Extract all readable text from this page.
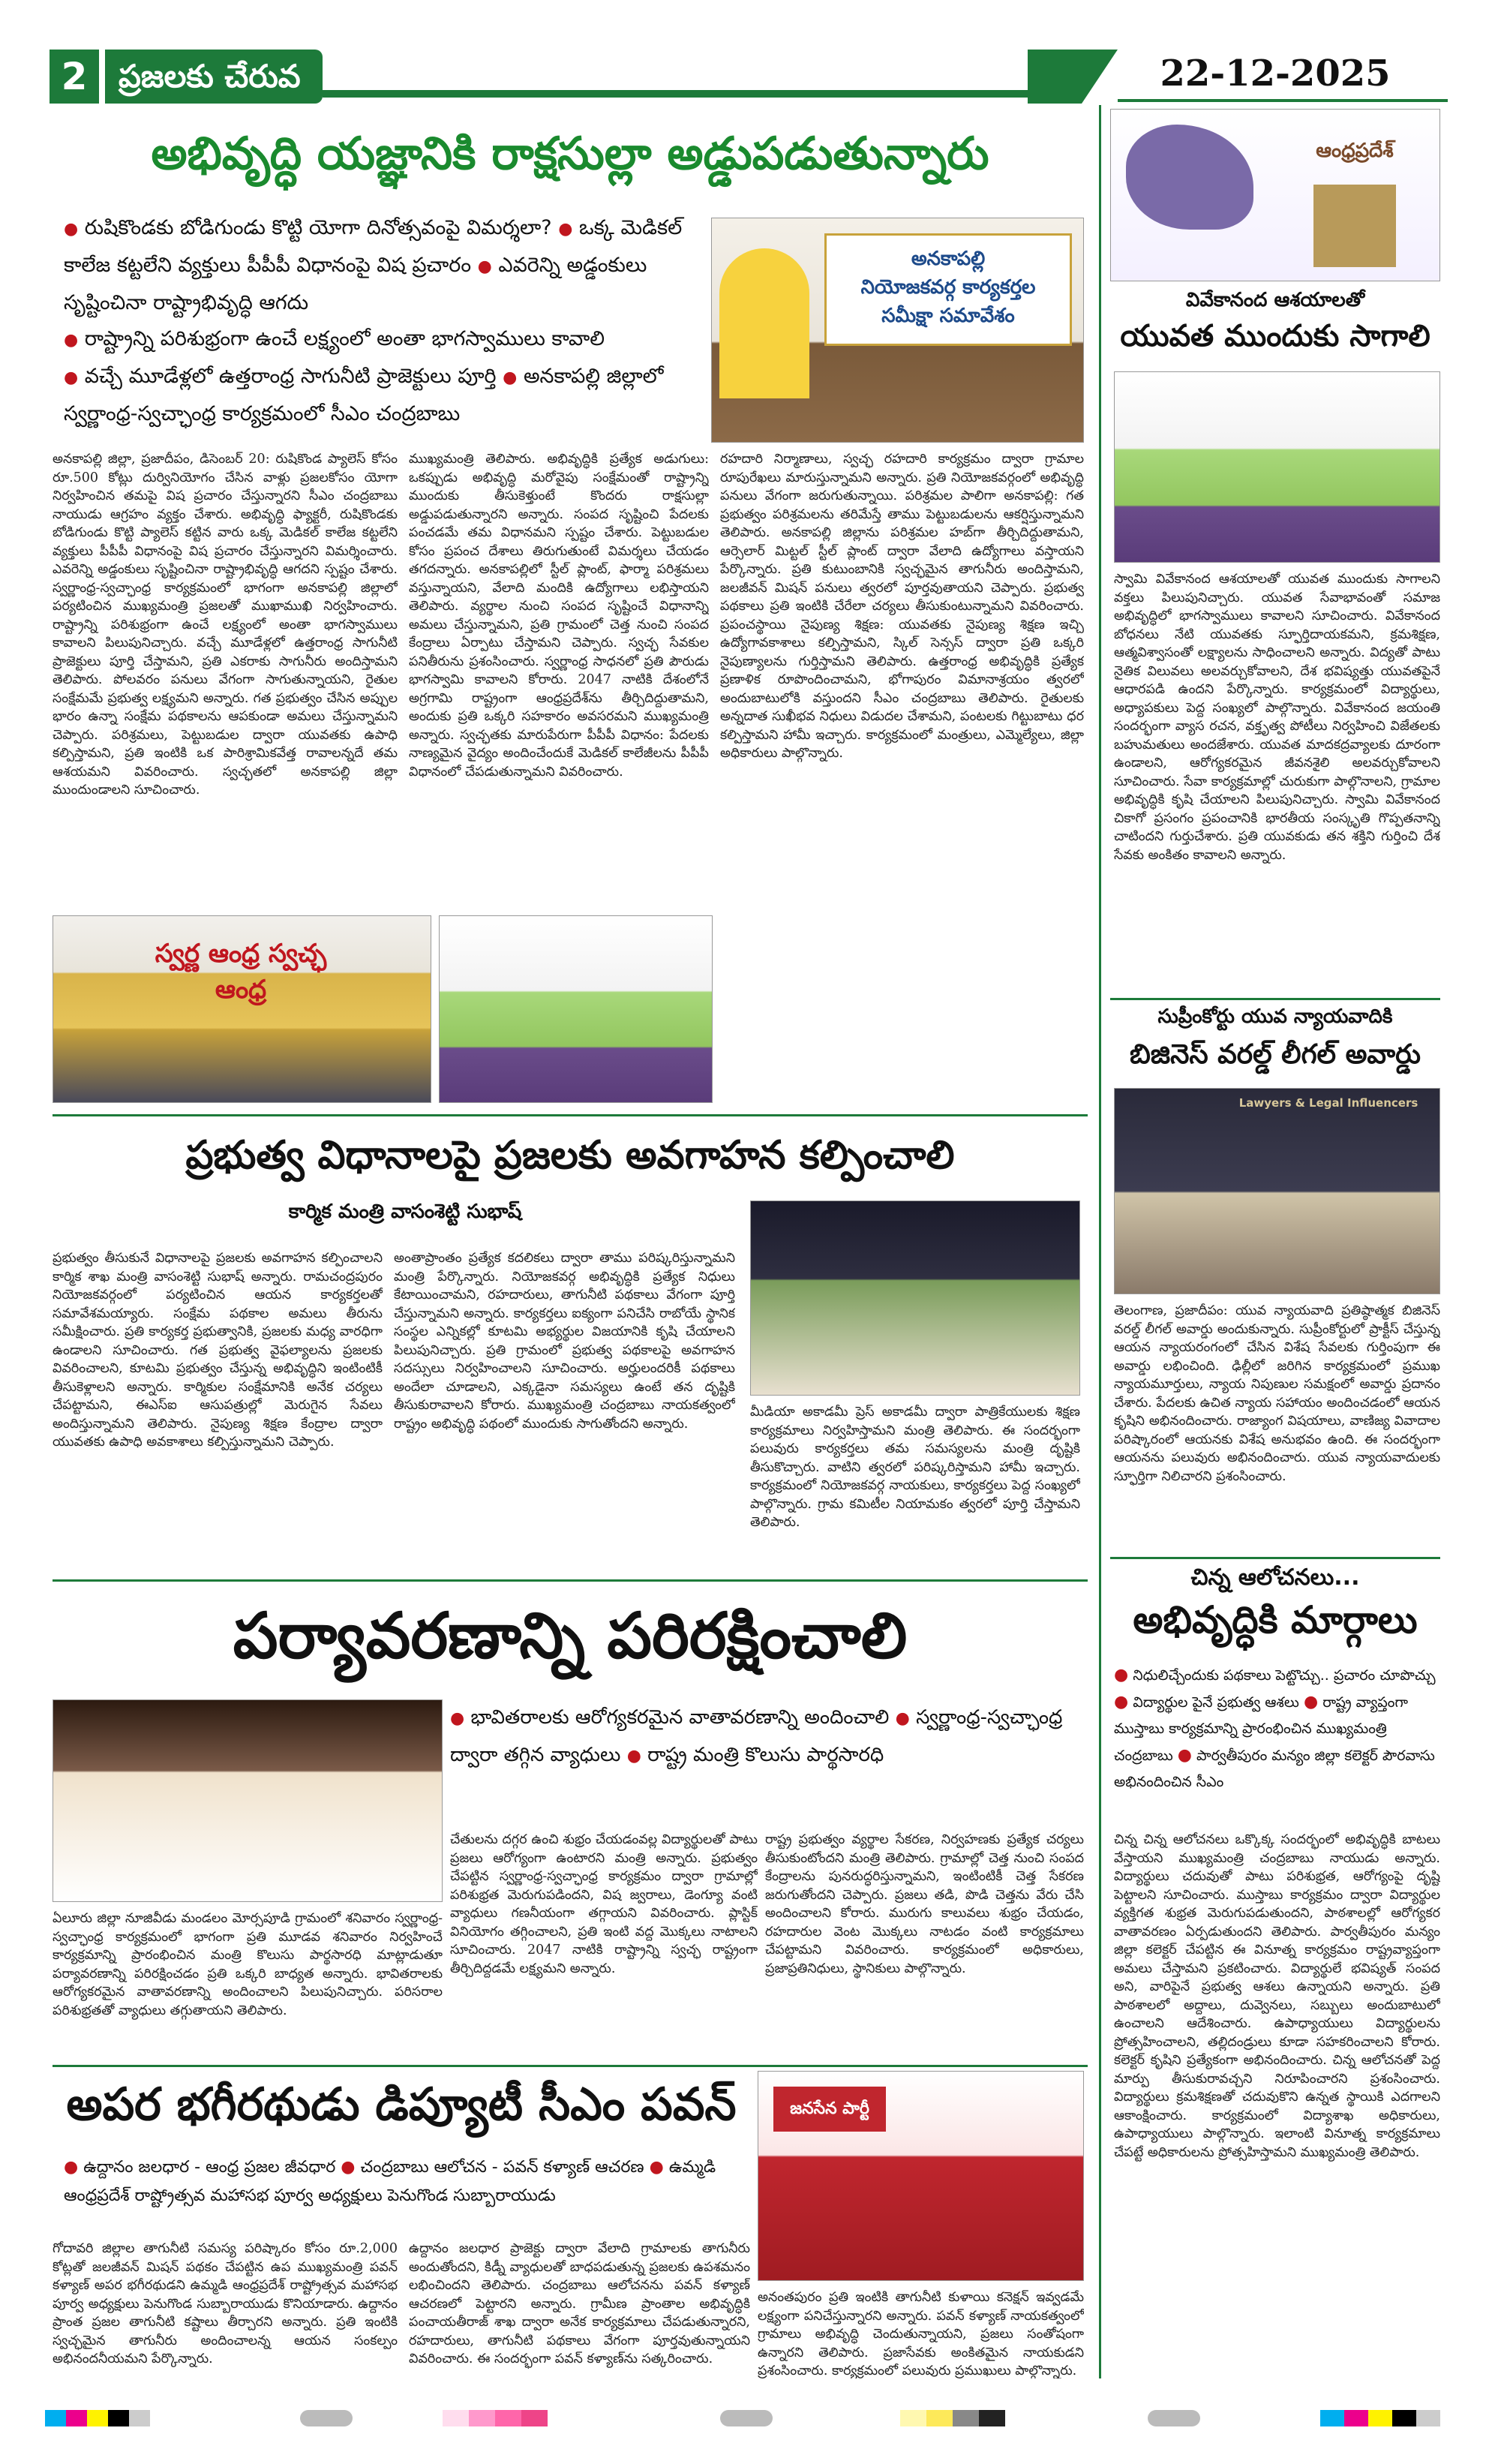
2 ప్రజలకు చేరువ	22-12-2025
అభివృద్ధి యజ్ఞానికి రాక్షసుల్లా అడ్డుపడుతున్నారు
● రుషికొండకు బోడిగుండు కొట్టి యోగా దినోత్సవంపై విమర్శలా? ● ఒక్క మెడికల్ కాలేజ కట్టలేని వ్యక్తులు పీపీపీ విధానంపై విష ప్రచారం ● ఎవరెన్ని అడ్డంకులు సృష్టించినా రాష్ట్రాభివృద్ధి ఆగదు
● రాష్ట్రాన్ని పరిశుభ్రంగా ఉంచే లక్ష్యంలో అంతా భాగస్వాములు కావాలి
● వచ్చే మూడేళ్లలో ఉత్తరాంధ్ర సాగునీటి ప్రాజెక్టులు పూర్తి ● అనకాపల్లి జిల్లాలో స్వర్ణాంధ్ర-స్వచ్ఛాంధ్ర కార్యక్రమంలో సీఎం చంద్రబాబు
అనకాపల్లి
నియోజకవర్గ కార్యకర్తల
సమీక్షా సమావేశం
అనకాపల్లి జిల్లా, ప్రజాదీపం, డిసెంబర్ 20: రుషికొండ ప్యాలెస్ కోసం రూ.500 కోట్లు దుర్వినియోగం చేసిన వాళ్లు ప్రజలకోసం యోగా నిర్వహించిన తమపై విష ప్రచారం చేస్తున్నారని సీఎం చంద్రబాబు నాయుడు ఆగ్రహం వ్యక్తం చేశారు. అభివృద్ధి ఫ్యాక్టరీ, రుషికొండకు బోడిగుండు కొట్టి ప్యాలెస్ కట్టిన వారు ఒక్క మెడికల్ కాలేజ కట్టలేని వ్యక్తులు పీపీపీ విధానంపై విష ప్రచారం చేస్తున్నారని విమర్శించారు. ఎవరెన్ని అడ్డంకులు సృష్టించినా రాష్ట్రాభివృద్ధి ఆగదని స్పష్టం చేశారు. స్వర్ణాంధ్ర-స్వచ్ఛాంధ్ర కార్యక్రమంలో భాగంగా అనకాపల్లి జిల్లాలో పర్యటించిన ముఖ్యమంత్రి ప్రజలతో ముఖాముఖి నిర్వహించారు. రాష్ట్రాన్ని పరిశుభ్రంగా ఉంచే లక్ష్యంలో అంతా భాగస్వాములు కావాలని పిలుపునిచ్చారు. వచ్చే మూడేళ్లలో ఉత్తరాంధ్ర సాగునీటి ప్రాజెక్టులు పూర్తి చేస్తామని, ప్రతి ఎకరాకు సాగునీరు అందిస్తామని తెలిపారు. పోలవరం పనులు వేగంగా సాగుతున్నాయని, రైతుల సంక్షేమమే ప్రభుత్వ లక్ష్యమని అన్నారు. గత ప్రభుత్వం చేసిన అప్పుల భారం ఉన్నా సంక్షేమ పథకాలను ఆపకుండా అమలు చేస్తున్నామని చెప్పారు. పరిశ్రమలు, పెట్టుబడుల ద్వారా యువతకు ఉపాధి కల్పిస్తామని, ప్రతి ఇంటికి ఒక పారిశ్రామికవేత్త రావాలన్నదే తమ ఆశయమని వివరించారు. స్వచ్ఛతలో అనకాపల్లి జిల్లా ముందుండాలని సూచించారు.
ముఖ్యమంత్రి తెలిపారు. అభివృద్ధికి ప్రత్యేక అడుగులు: ఒకప్పుడు అభివృద్ధి మరోవైపు సంక్షేమంతో రాష్ట్రాన్ని ముందుకు తీసుకెళ్తుంటే కొందరు రాక్షసుల్లా అడ్డుపడుతున్నారని అన్నారు. సంపద సృష్టించి పేదలకు పంచడమే తమ విధానమని స్పష్టం చేశారు. పెట్టుబడుల కోసం ప్రపంచ దేశాలు తిరుగుతుంటే విమర్శలు చేయడం తగదన్నారు. అనకాపల్లిలో స్టీల్ ప్లాంట్, ఫార్మా పరిశ్రమలు వస్తున్నాయని, వేలాది మందికి ఉద్యోగాలు లభిస్తాయని తెలిపారు. వ్యర్థాల నుంచి సంపద సృష్టించే విధానాన్ని అమలు చేస్తున్నామని, ప్రతి గ్రామంలో చెత్త నుంచి సంపద కేంద్రాలు ఏర్పాటు చేస్తామని చెప్పారు. స్వచ్ఛ సేవకుల పనితీరును ప్రశంసించారు. స్వర్ణాంధ్ర సాధనలో ప్రతి పౌరుడు భాగస్వామి కావాలని కోరారు. 2047 నాటికి దేశంలోనే అగ్రగామి రాష్ట్రంగా ఆంధ్రప్రదేశ్‌ను తీర్చిదిద్దుతామని, అందుకు ప్రతి ఒక్కరి సహకారం అవసరమని ముఖ్యమంత్రి అన్నారు. స్వచ్ఛతకు మారుపేరుగా పీపీపీ విధానం: పేదలకు నాణ్యమైన వైద్యం అందించేందుకే మెడికల్ కాలేజీలను పీపీపీ విధానంలో చేపడుతున్నామని వివరించారు.
రహదారి నిర్మాణాలు, స్వచ్ఛ రహదారి కార్యక్రమం ద్వారా గ్రామాల రూపురేఖలు మారుస్తున్నామని అన్నారు. ప్రతి నియోజకవర్గంలో అభివృద్ధి పనులు వేగంగా జరుగుతున్నాయి. పరిశ్రమల పాలిగా అనకాపల్లి: గత ప్రభుత్వం పరిశ్రమలను తరిమేస్తే తాము పెట్టుబడులను ఆకర్షిస్తున్నామని తెలిపారు. అనకాపల్లి జిల్లాను పరిశ్రమల హబ్‌గా తీర్చిదిద్దుతామని, ఆర్సెలార్ మిట్టల్ స్టీల్ ప్లాంట్ ద్వారా వేలాది ఉద్యోగాలు వస్తాయని పేర్కొన్నారు. ప్రతి కుటుంబానికి స్వచ్ఛమైన తాగునీరు అందిస్తామని, జలజీవన్ మిషన్ పనులు త్వరలో పూర్తవుతాయని చెప్పారు. ప్రభుత్వ పథకాలు ప్రతి ఇంటికి చేరేలా చర్యలు తీసుకుంటున్నామని వివరించారు. ప్రపంచస్థాయి నైపుణ్య శిక్షణ: యువతకు నైపుణ్య శిక్షణ ఇచ్చి ఉద్యోగావకాశాలు కల్పిస్తామని, స్కిల్ సెన్సస్ ద్వారా ప్రతి ఒక్కరి నైపుణ్యాలను గుర్తిస్తామని తెలిపారు. ఉత్తరాంధ్ర అభివృద్ధికి ప్రత్యేక ప్రణాళిక రూపొందించామని, భోగాపురం విమానాశ్రయం త్వరలో అందుబాటులోకి వస్తుందని సీఎం చంద్రబాబు తెలిపారు. రైతులకు అన్నదాత సుఖీభవ నిధులు విడుదల చేశామని, పంటలకు గిట్టుబాటు ధర కల్పిస్తామని హామీ ఇచ్చారు. కార్యక్రమంలో మంత్రులు, ఎమ్మెల్యేలు, జిల్లా అధికారులు పాల్గొన్నారు.
స్వర్ణ ఆంధ్ర స్వచ్ఛ ఆంధ్ర
ప్రభుత్వ విధానాలపై ప్రజలకు అవగాహన కల్పించాలి
కార్మిక మంత్రి వాసంశెట్టి సుభాష్
ప్రభుత్వం తీసుకునే విధానాలపై ప్రజలకు అవగాహన కల్పించాలని కార్మిక శాఖ మంత్రి వాసంశెట్టి సుభాష్ అన్నారు. రామచంద్రపురం నియోజకవర్గంలో పర్యటించిన ఆయన కార్యకర్తలతో సమావేశమయ్యారు. సంక్షేమ పథకాల అమలు తీరును సమీక్షించారు. ప్రతి కార్యకర్త ప్రభుత్వానికి, ప్రజలకు మధ్య వారధిగా ఉండాలని సూచించారు. గత ప్రభుత్వ వైఫల్యాలను ప్రజలకు వివరించాలని, కూటమి ప్రభుత్వం చేస్తున్న అభివృద్ధిని ఇంటింటికీ తీసుకెళ్లాలని అన్నారు. కార్మికుల సంక్షేమానికి అనేక చర్యలు చేపట్టామని, ఈఎస్ఐ ఆసుపత్రుల్లో మెరుగైన సేవలు అందిస్తున్నామని తెలిపారు. నైపుణ్య శిక్షణ కేంద్రాల ద్వారా యువతకు ఉపాధి అవకాశాలు కల్పిస్తున్నామని చెప్పారు.
అంతాప్రాంతం ప్రత్యేక కదలికలు ద్వారా తాము పరిష్కరిస్తున్నామని మంత్రి పేర్కొన్నారు. నియోజకవర్గ అభివృద్ధికి ప్రత్యేక నిధులు కేటాయించామని, రహదారులు, తాగునీటి పథకాలు వేగంగా పూర్తి చేస్తున్నామని అన్నారు. కార్యకర్తలు ఐక్యంగా పనిచేసి రాబోయే స్థానిక సంస్థల ఎన్నికల్లో కూటమి అభ్యర్థుల విజయానికి కృషి చేయాలని పిలుపునిచ్చారు. ప్రతి గ్రామంలో ప్రభుత్వ పథకాలపై అవగాహన సదస్సులు నిర్వహించాలని సూచించారు. అర్హులందరికీ పథకాలు అందేలా చూడాలని, ఎక్కడైనా సమస్యలు ఉంటే తన దృష్టికి తీసుకురావాలని కోరారు. ముఖ్యమంత్రి చంద్రబాబు నాయకత్వంలో రాష్ట్రం అభివృద్ధి పథంలో ముందుకు సాగుతోందని అన్నారు.
మీడియా అకాడమీ ప్రెస్ అకాడమీ ద్వారా పాత్రికేయులకు శిక్షణ కార్యక్రమాలు నిర్వహిస్తామని మంత్రి తెలిపారు. ఈ సందర్భంగా పలువురు కార్యకర్తలు తమ సమస్యలను మంత్రి దృష్టికి తీసుకొచ్చారు. వాటిని త్వరలో పరిష్కరిస్తామని హామీ ఇచ్చారు. కార్యక్రమంలో నియోజకవర్గ నాయకులు, కార్యకర్తలు పెద్ద సంఖ్యలో పాల్గొన్నారు. గ్రామ కమిటీల నియామకం త్వరలో పూర్తి చేస్తామని తెలిపారు.
పర్యావరణాన్ని పరిరక్షించాలి
● భావితరాలకు ఆరోగ్యకరమైన వాతావరణాన్ని అందించాలి ● స్వర్ణాంధ్ర-స్వచ్ఛాంధ్ర ద్వారా తగ్గిన వ్యాధులు ● రాష్ట్ర మంత్రి కొలుసు పార్థసారధి
ఏలూరు జిల్లా నూజివీడు మండలం మోర్సపూడి గ్రామంలో శనివారం స్వర్ణాంధ్ర-స్వచ్ఛాంధ్ర కార్యక్రమంలో భాగంగా ప్రతి మూడవ శనివారం నిర్వహించే కార్యక్రమాన్ని ప్రారంభించిన మంత్రి కొలుసు పార్థసారధి మాట్లాడుతూ పర్యావరణాన్ని పరిరక్షించడం ప్రతి ఒక్కరి బాధ్యత అన్నారు. భావితరాలకు ఆరోగ్యకరమైన వాతావరణాన్ని అందించాలని పిలుపునిచ్చారు. పరిసరాల పరిశుభ్రతతో వ్యాధులు తగ్గుతాయని తెలిపారు.
చేతులను దగ్గర ఉంచి శుభ్రం చేయడంవల్ల విద్యార్థులతో పాటు ప్రజలు ఆరోగ్యంగా ఉంటారని మంత్రి అన్నారు. ప్రభుత్వం చేపట్టిన స్వర్ణాంధ్ర-స్వచ్ఛాంధ్ర కార్యక్రమం ద్వారా గ్రామాల్లో పరిశుభ్రత మెరుగుపడిందని, విష జ్వరాలు, డెంగ్యూ వంటి వ్యాధులు గణనీయంగా తగ్గాయని వివరించారు. ప్లాస్టిక్ వినియోగం తగ్గించాలని, ప్రతి ఇంటి వద్ద మొక్కలు నాటాలని సూచించారు. 2047 నాటికి రాష్ట్రాన్ని స్వచ్ఛ రాష్ట్రంగా తీర్చిదిద్దడమే లక్ష్యమని అన్నారు.
రాష్ట్ర ప్రభుత్వం వ్యర్థాల సేకరణ, నిర్వహణకు ప్రత్యేక చర్యలు తీసుకుంటోందని మంత్రి తెలిపారు. గ్రామాల్లో చెత్త నుంచి సంపద కేంద్రాలను పునరుద్ధరిస్తున్నామని, ఇంటింటికీ చెత్త సేకరణ జరుగుతోందని చెప్పారు. ప్రజలు తడి, పొడి చెత్తను వేరు చేసి అందించాలని కోరారు. మురుగు కాలువలు శుభ్రం చేయడం, రహదారుల వెంట మొక్కలు నాటడం వంటి కార్యక్రమాలు చేపట్టామని వివరించారు. కార్యక్రమంలో అధికారులు, ప్రజాప్రతినిధులు, స్థానికులు పాల్గొన్నారు.
అపర భగీరథుడు డిప్యూటీ సీఎం పవన్	జనసేన పార్టీ
● ఉద్దానం జలధార - ఆంధ్ర ప్రజల జీవధార ● చంద్రబాబు ఆలోచన - పవన్ కళ్యాణ్ ఆచరణ ● ఉమ్మడి ఆంధ్రప్రదేశ్ రాష్ట్రోత్సవ మహాసభ పూర్వ అధ్యక్షులు పెనుగొండ సుబ్బారాయుడు
గోదావరి జిల్లాల తాగునీటి సమస్య పరిష్కారం కోసం రూ.2,000 కోట్లతో జలజీవన్ మిషన్ పథకం చేపట్టిన ఉప ముఖ్యమంత్రి పవన్ కళ్యాణ్ అపర భగీరథుడని ఉమ్మడి ఆంధ్రప్రదేశ్ రాష్ట్రోత్సవ మహాసభ పూర్వ అధ్యక్షులు పెనుగొండ సుబ్బారాయుడు కొనియాడారు. ఉద్దానం ప్రాంత ప్రజల తాగునీటి కష్టాలు తీర్చారని అన్నారు. ప్రతి ఇంటికి స్వచ్ఛమైన తాగునీరు అందించాలన్న ఆయన సంకల్పం అభినందనీయమని పేర్కొన్నారు.
ఉద్దానం జలధార ప్రాజెక్టు ద్వారా వేలాది గ్రామాలకు తాగునీరు అందుతోందని, కిడ్నీ వ్యాధులతో బాధపడుతున్న ప్రజలకు ఉపశమనం లభించిందని తెలిపారు. చంద్రబాబు ఆలోచనను పవన్ కళ్యాణ్ ఆచరణలో పెట్టారని అన్నారు. గ్రామీణ ప్రాంతాల అభివృద్ధికి పంచాయతీరాజ్ శాఖ ద్వారా అనేక కార్యక్రమాలు చేపడుతున్నారని, రహదారులు, తాగునీటి పథకాలు వేగంగా పూర్తవుతున్నాయని వివరించారు. ఈ సందర్భంగా పవన్ కళ్యాణ్‌ను సత్కరించారు.
అనంతపురం ప్రతి ఇంటికి తాగునీటి కుళాయి కనెక్షన్ ఇవ్వడమే లక్ష్యంగా పనిచేస్తున్నారని అన్నారు. పవన్ కళ్యాణ్ నాయకత్వంలో గ్రామాలు అభివృద్ధి చెందుతున్నాయని, ప్రజలు సంతోషంగా ఉన్నారని తెలిపారు. ప్రజాసేవకు అంకితమైన నాయకుడని ప్రశంసించారు. కార్యక్రమంలో పలువురు ప్రముఖులు పాల్గొన్నారు.
ఆంధ్రప్రదేశ్
వివేకానంద ఆశయాలతో
యువత ముందుకు సాగాలి
స్వామి వివేకానంద ఆశయాలతో యువత ముందుకు సాగాలని వక్తలు పిలుపునిచ్చారు. యువత సేవాభావంతో సమాజ అభివృద్ధిలో భాగస్వాములు కావాలని సూచించారు. వివేకానంద బోధనలు నేటి యువతకు స్ఫూర్తిదాయకమని, క్రమశిక్షణ, ఆత్మవిశ్వాసంతో లక్ష్యాలను సాధించాలని అన్నారు. విద్యతో పాటు నైతిక విలువలు అలవర్చుకోవాలని, దేశ భవిష్యత్తు యువతపైనే ఆధారపడి ఉందని పేర్కొన్నారు. కార్యక్రమంలో విద్యార్థులు, అధ్యాపకులు పెద్ద సంఖ్యలో పాల్గొన్నారు. వివేకానంద జయంతి సందర్భంగా వ్యాస రచన, వక్తృత్వ పోటీలు నిర్వహించి విజేతలకు బహుమతులు అందజేశారు. యువత మాదకద్రవ్యాలకు దూరంగా ఉండాలని, ఆరోగ్యకరమైన జీవనశైలి అలవర్చుకోవాలని సూచించారు. సేవా కార్యక్రమాల్లో చురుకుగా పాల్గొనాలని, గ్రామాల అభివృద్ధికి కృషి చేయాలని పిలుపునిచ్చారు. స్వామి వివేకానంద చికాగో ప్రసంగం ప్రపంచానికి భారతీయ సంస్కృతి గొప్పతనాన్ని చాటిందని గుర్తుచేశారు. ప్రతి యువకుడు తన శక్తిని గుర్తించి దేశ సేవకు అంకితం కావాలని అన్నారు.
సుప్రీంకోర్టు యువ న్యాయవాదికి
బిజినెస్ వరల్డ్ లీగల్ అవార్డు
Lawyers & Legal Influencers
తెలంగాణ, ప్రజాదీపం: యువ న్యాయవాది ప్రతిష్ఠాత్మక బిజినెస్ వరల్డ్ లీగల్ అవార్డు అందుకున్నారు. సుప్రీంకోర్టులో ప్రాక్టీస్ చేస్తున్న ఆయన న్యాయరంగంలో చేసిన విశేష సేవలకు గుర్తింపుగా ఈ అవార్డు లభించింది. ఢిల్లీలో జరిగిన కార్యక్రమంలో ప్రముఖ న్యాయమూర్తులు, న్యాయ నిపుణుల సమక్షంలో అవార్డు ప్రదానం చేశారు. పేదలకు ఉచిత న్యాయ సహాయం అందించడంలో ఆయన కృషిని అభినందించారు. రాజ్యాంగ విషయాలు, వాణిజ్య వివాదాల పరిష్కారంలో ఆయనకు విశేష అనుభవం ఉంది. ఈ సందర్భంగా ఆయనను పలువురు అభినందించారు. యువ న్యాయవాదులకు స్ఫూర్తిగా నిలిచారని ప్రశంసించారు.
చిన్న ఆలోచనలు...
అభివృద్ధికి మార్గాలు
● నిధులిచ్చేందుకు పథకాలు పెట్టొచ్చు.. ప్రచారం చూపొచ్చు
● విద్యార్థుల పైనే ప్రభుత్వ ఆశలు ● రాష్ట్ర వ్యాప్తంగా ముస్తాబు కార్యక్రమాన్ని ప్రారంభించిన ముఖ్యమంత్రి చంద్రబాబు ● పార్వతీపురం మన్యం జిల్లా కలెక్టర్ పౌరవాసు అభినందించిన సీఎం
చిన్న చిన్న ఆలోచనలు ఒక్కొక్క సందర్భంలో అభివృద్ధికి బాటలు వేస్తాయని ముఖ్యమంత్రి చంద్రబాబు నాయుడు అన్నారు. విద్యార్థులు చదువుతో పాటు పరిశుభ్రత, ఆరోగ్యంపై దృష్టి పెట్టాలని సూచించారు. ముస్తాబు కార్యక్రమం ద్వారా విద్యార్థుల వ్యక్తిగత శుభ్రత మెరుగుపడుతుందని, పాఠశాలల్లో ఆరోగ్యకర వాతావరణం ఏర్పడుతుందని తెలిపారు. పార్వతీపురం మన్యం జిల్లా కలెక్టర్ చేపట్టిన ఈ వినూత్న కార్యక్రమం రాష్ట్రవ్యాప్తంగా అమలు చేస్తామని ప్రకటించారు. విద్యార్థులే భవిష్యత్ సంపద అని, వారిపైనే ప్రభుత్వ ఆశలు ఉన్నాయని అన్నారు. ప్రతి పాఠశాలలో అద్దాలు, దువ్వెనలు, సబ్బులు అందుబాటులో ఉంచాలని ఆదేశించారు. ఉపాధ్యాయులు విద్యార్థులను ప్రోత్సహించాలని, తల్లిదండ్రులు కూడా సహకరించాలని కోరారు. కలెక్టర్ కృషిని ప్రత్యేకంగా అభినందించారు. చిన్న ఆలోచనతో పెద్ద మార్పు తీసుకురావచ్చని నిరూపించారని ప్రశంసించారు. విద్యార్థులు క్రమశిక్షణతో చదువుకొని ఉన్నత స్థాయికి ఎదగాలని ఆకాంక్షించారు. కార్యక్రమంలో విద్యాశాఖ అధికారులు, ఉపాధ్యాయులు పాల్గొన్నారు. ఇలాంటి వినూత్న కార్యక్రమాలు చేపట్టే అధికారులను ప్రోత్సహిస్తామని ముఖ్యమంత్రి తెలిపారు.
